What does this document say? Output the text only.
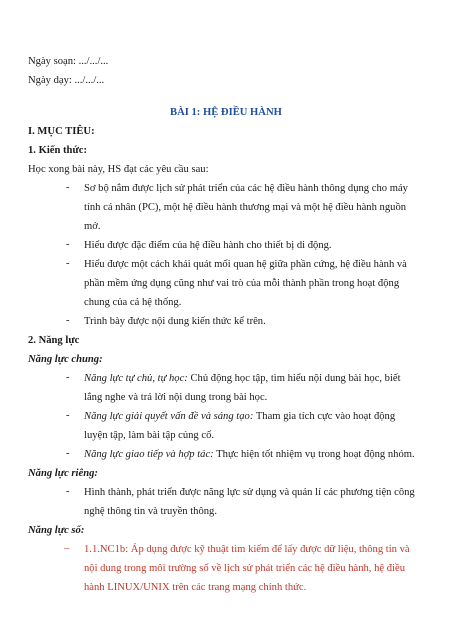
Ngày soạn: .../.../...
Ngày dạy: .../.../...
BÀI 1: HỆ ĐIỀU HÀNH
I. MỤC TIÊU:
1. Kiến thức:
Học xong bài này, HS đạt các yêu cầu sau:
- Sơ bộ nắm được lịch sử phát triển của các hệ điều hành thông dụng cho máy
tính cá nhân (PC), một hệ điều hành thương mại và một hệ điều hành nguồn
mở.
- Hiểu được đặc điểm của hệ điều hành cho thiết bị di động.
- Hiểu được một cách khái quát mối quan hệ giữa phần cứng, hệ điều hành và
phần mềm ứng dụng cũng như vai trò của mỗi thành phần trong hoạt động
chung của cả hệ thống.
- Trình bày được nội dung kiến thức kể trên.
2. Năng lực
Năng lực chung:
- Năng lực tự chủ, tự học: Chủ động học tập, tìm hiểu nội dung bài học, biết
lắng nghe và trả lời nội dung trong bài học.
- Năng lực giải quyết vấn đề và sáng tạo: Tham gia tích cực vào hoạt động
luyện tập, làm bài tập củng cố.
- Năng lực giao tiếp và hợp tác: Thực hiện tốt nhiệm vụ trong hoạt động nhóm.
Năng lực riêng:
- Hình thành, phát triển được năng lực sử dụng và quản lí các phương tiện công
nghệ thông tin và truyền thông.
Năng lực số:
– 1.1.NC1b: Áp dụng được kỹ thuật tìm kiếm để lấy được dữ liệu, thông tin và
nội dung trong môi trường số về lịch sử phát triển các hệ điều hành, hệ điều
hành LINUX/UNIX trên các trang mạng chính thức.
